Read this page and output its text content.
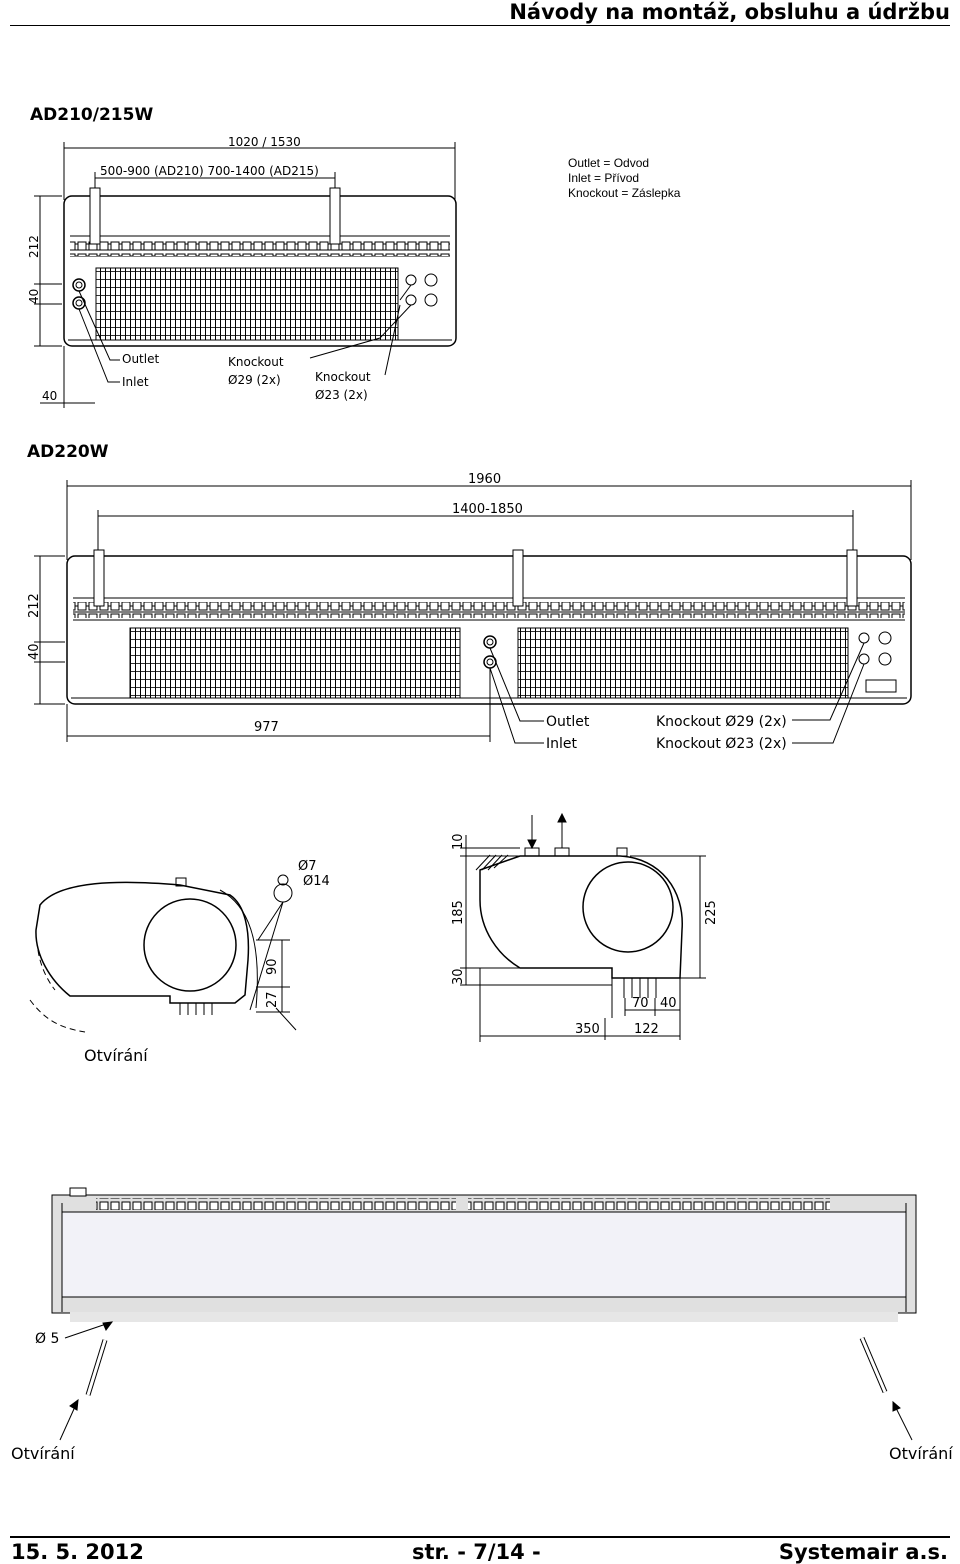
Návody na montáž, obsluhu a údržbu
Outlet = Odvod
Inlet = Přívod
Knockout = Záslepka
AD210/215W
1020 / 1530
500-900 (AD210) 700-1400 (AD215)
212
40
40
Outlet
Inlet
Knockout
Ø29 (2x)	Knockout
Ø23 (2x)
AD220W
1960
1400-1850
212
40
977	Outlet
Inlet
Knockout Ø29 (2x)
Knockout Ø23 (2x)
Ø7
Ø14
90
27
10
185
30
225
70 40
350	122
Ø 5
Otvírání
Otvírání	Otvírání
15. 5. 2012	str. - 7/14 -	Systemair a.s.
